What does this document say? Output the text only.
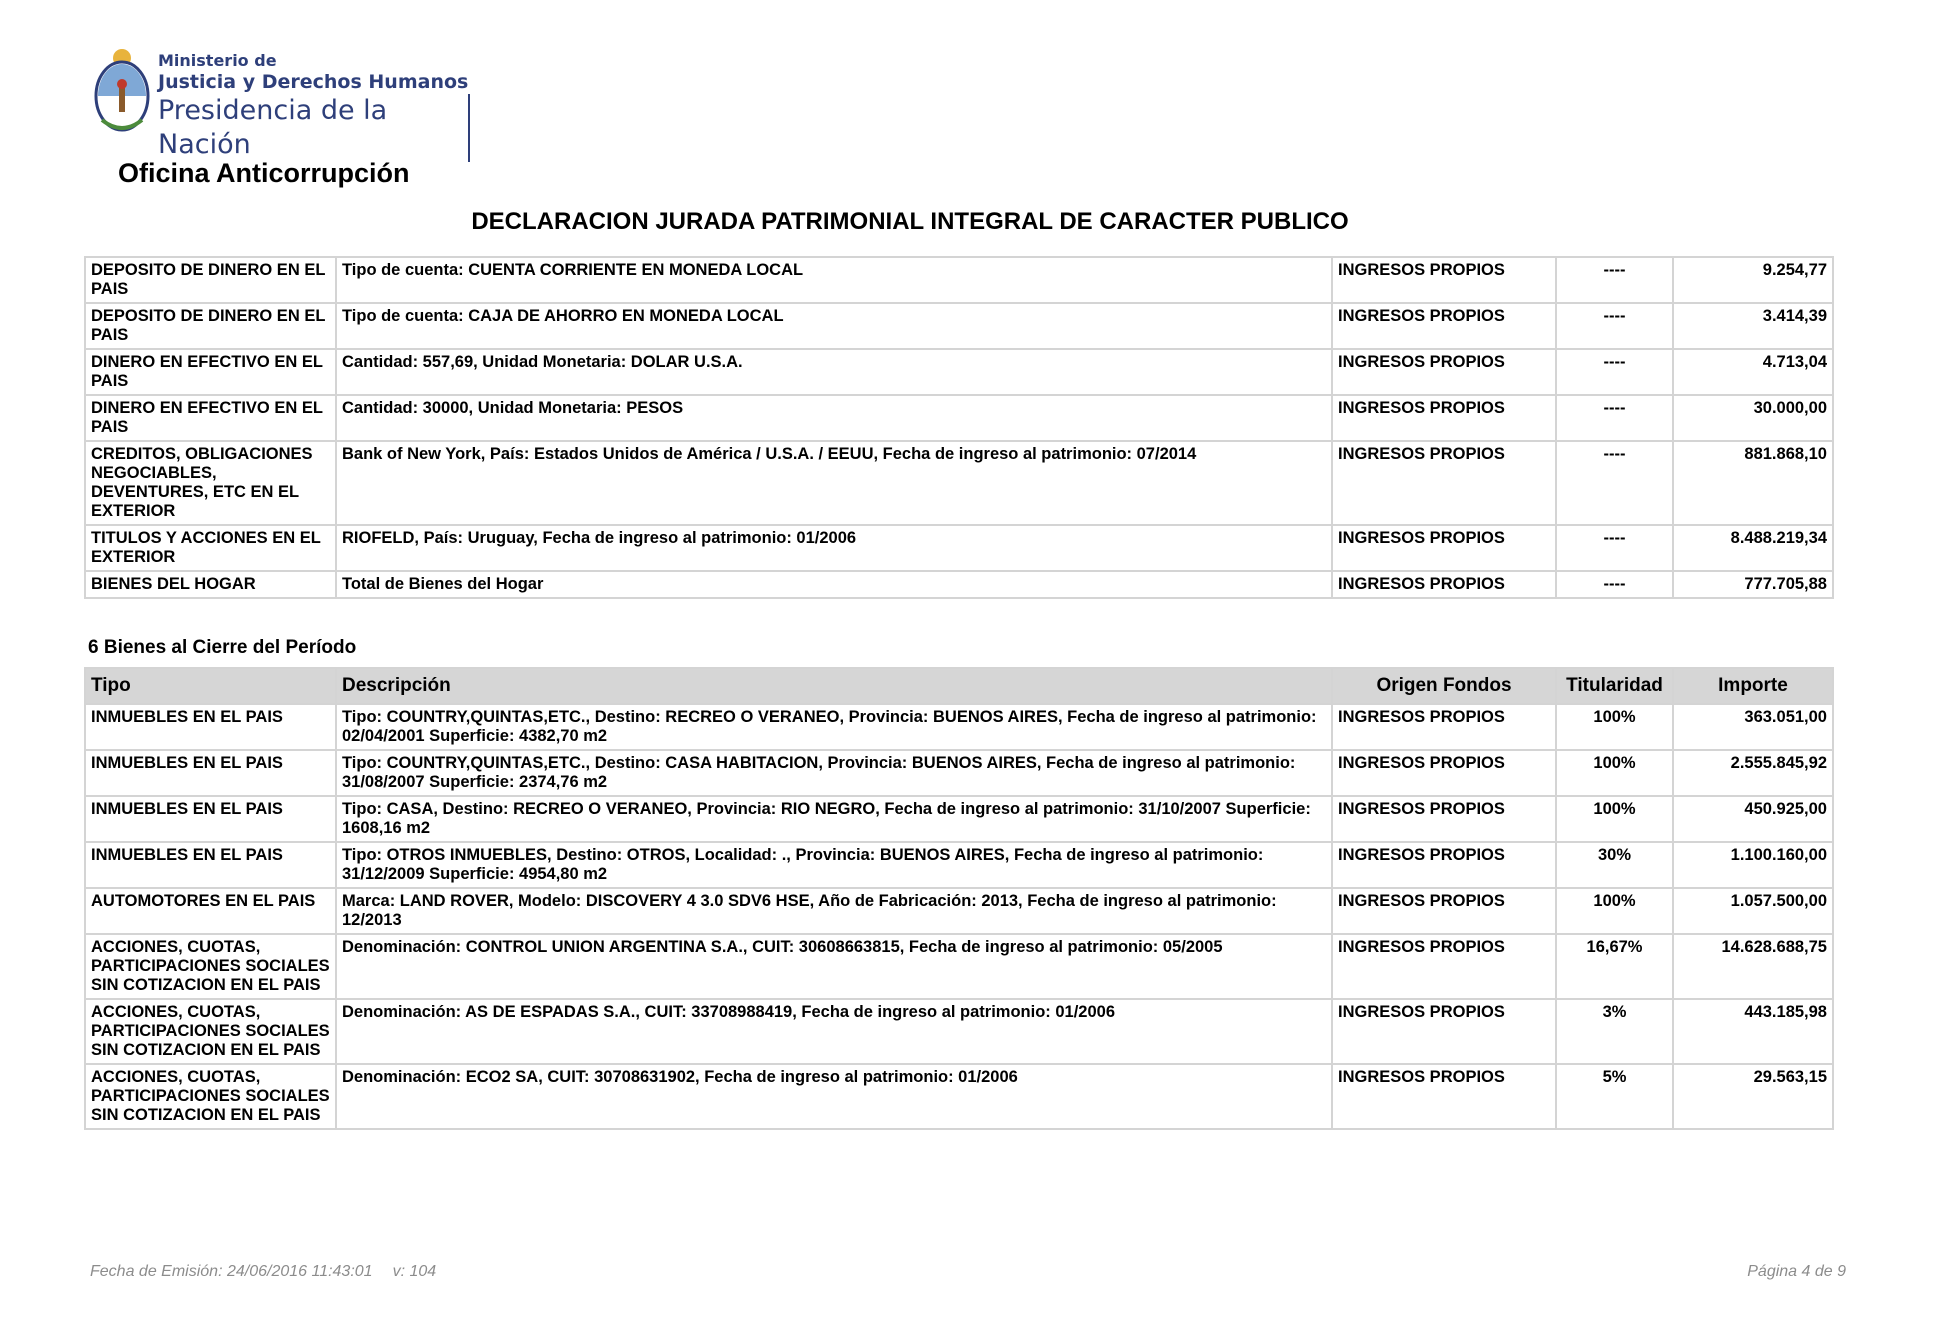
Ministerio de
Justicia y Derechos Humanos
Presidencia de la Nación
Oficina Anticorrupción
DECLARACION JURADA PATRIMONIAL INTEGRAL DE CARACTER PUBLICO
DEPOSITO DE DINERO EN EL PAIS	Tipo de cuenta: CUENTA CORRIENTE EN MONEDA LOCAL	INGRESOS PROPIOS	----	9.254,77
DEPOSITO DE DINERO EN EL PAIS	Tipo de cuenta: CAJA DE AHORRO EN MONEDA LOCAL	INGRESOS PROPIOS	----	3.414,39
DINERO EN EFECTIVO EN EL PAIS	Cantidad: 557,69, Unidad Monetaria: DOLAR U.S.A.	INGRESOS PROPIOS	----	4.713,04
DINERO EN EFECTIVO EN EL PAIS	Cantidad: 30000, Unidad Monetaria: PESOS	INGRESOS PROPIOS	----	30.000,00
CREDITOS, OBLIGACIONES NEGOCIABLES, DEVENTURES, ETC EN EL EXTERIOR	Bank of New York, País: Estados Unidos de América / U.S.A. / EEUU, Fecha de ingreso al patrimonio: 07/2014	INGRESOS PROPIOS	----	881.868,10
TITULOS Y ACCIONES EN EL EXTERIOR	RIOFELD, País: Uruguay, Fecha de ingreso al patrimonio: 01/2006	INGRESOS PROPIOS	----	8.488.219,34
BIENES DEL HOGAR	Total de Bienes del Hogar	INGRESOS PROPIOS	----	777.705,88
6 Bienes al Cierre del Período
Tipo	Descripción	Origen Fondos	Titularidad	Importe
INMUEBLES EN EL PAIS	Tipo: COUNTRY,QUINTAS,ETC., Destino: RECREO O VERANEO, Provincia: BUENOS AIRES, Fecha de ingreso al patrimonio: 02/04/2001 Superficie: 4382,70 m2	INGRESOS PROPIOS	100%	363.051,00
INMUEBLES EN EL PAIS	Tipo: COUNTRY,QUINTAS,ETC., Destino: CASA HABITACION, Provincia: BUENOS AIRES, Fecha de ingreso al patrimonio: 31/08/2007 Superficie: 2374,76 m2	INGRESOS PROPIOS	100%	2.555.845,92
INMUEBLES EN EL PAIS	Tipo: CASA, Destino: RECREO O VERANEO, Provincia: RIO NEGRO, Fecha de ingreso al patrimonio: 31/10/2007 Superficie: 1608,16 m2	INGRESOS PROPIOS	100%	450.925,00
INMUEBLES EN EL PAIS	Tipo: OTROS INMUEBLES, Destino: OTROS, Localidad: ., Provincia: BUENOS AIRES, Fecha de ingreso al patrimonio: 31/12/2009 Superficie: 4954,80 m2	INGRESOS PROPIOS	30%	1.100.160,00
AUTOMOTORES EN EL PAIS	Marca: LAND ROVER, Modelo: DISCOVERY 4 3.0 SDV6 HSE, Año de Fabricación: 2013, Fecha de ingreso al patrimonio: 12/2013	INGRESOS PROPIOS	100%	1.057.500,00
ACCIONES, CUOTAS, PARTICIPACIONES SOCIALES SIN COTIZACION EN EL PAIS	Denominación: CONTROL UNION ARGENTINA S.A., CUIT: 30608663815, Fecha de ingreso al patrimonio: 05/2005	INGRESOS PROPIOS	16,67%	14.628.688,75
ACCIONES, CUOTAS, PARTICIPACIONES SOCIALES SIN COTIZACION EN EL PAIS	Denominación: AS DE ESPADAS S.A., CUIT: 33708988419, Fecha de ingreso al patrimonio: 01/2006	INGRESOS PROPIOS	3%	443.185,98
ACCIONES, CUOTAS, PARTICIPACIONES SOCIALES SIN COTIZACION EN EL PAIS	Denominación: ECO2 SA, CUIT: 30708631902, Fecha de ingreso al patrimonio: 01/2006	INGRESOS PROPIOS	5%	29.563,15
Fecha de Emisión: 24/06/2016 11:43:01 v: 104	Página 4 de 9
